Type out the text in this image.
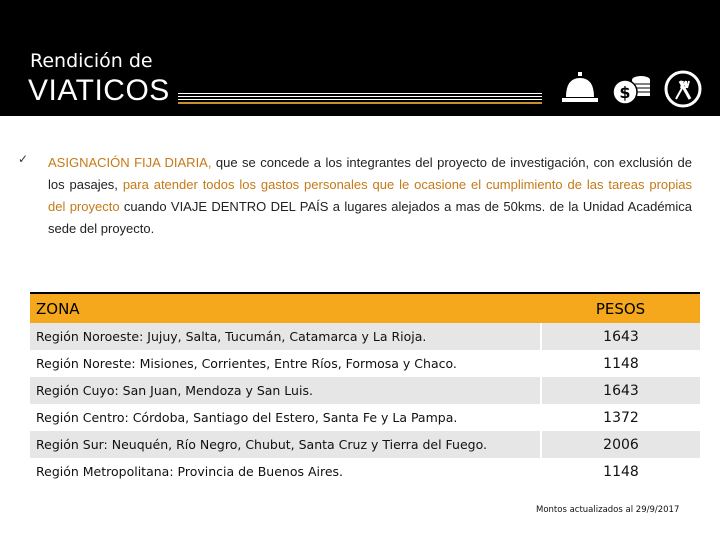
Rendición de
VIATICOS	$
✓ ASIGNACIÓN FIJA DIARIA, que se concede a los integrantes del proyecto de investigación, con exclusión de los pasajes, para atender todos los gastos personales que le ocasione el cumplimiento de las tareas propias del proyecto cuando VIAJE DENTRO DEL PAÍS a lugares alejados a mas de 50kms. de la Unidad Académica sede del proyecto.
ZONA	PESOS
Región Noroeste: Jujuy, Salta, Tucumán, Catamarca y La Rioja.	1643
Región Noreste: Misiones, Corrientes, Entre Ríos, Formosa y Chaco.	1148
Región Cuyo: San Juan, Mendoza y San Luis.	1643
Región Centro: Córdoba, Santiago del Estero, Santa Fe y La Pampa.	1372
Región Sur: Neuquén, Río Negro, Chubut, Santa Cruz y Tierra del Fuego.	2006
Región Metropolitana: Provincia de Buenos Aires.	1148
Montos actualizados al 29/9/2017
